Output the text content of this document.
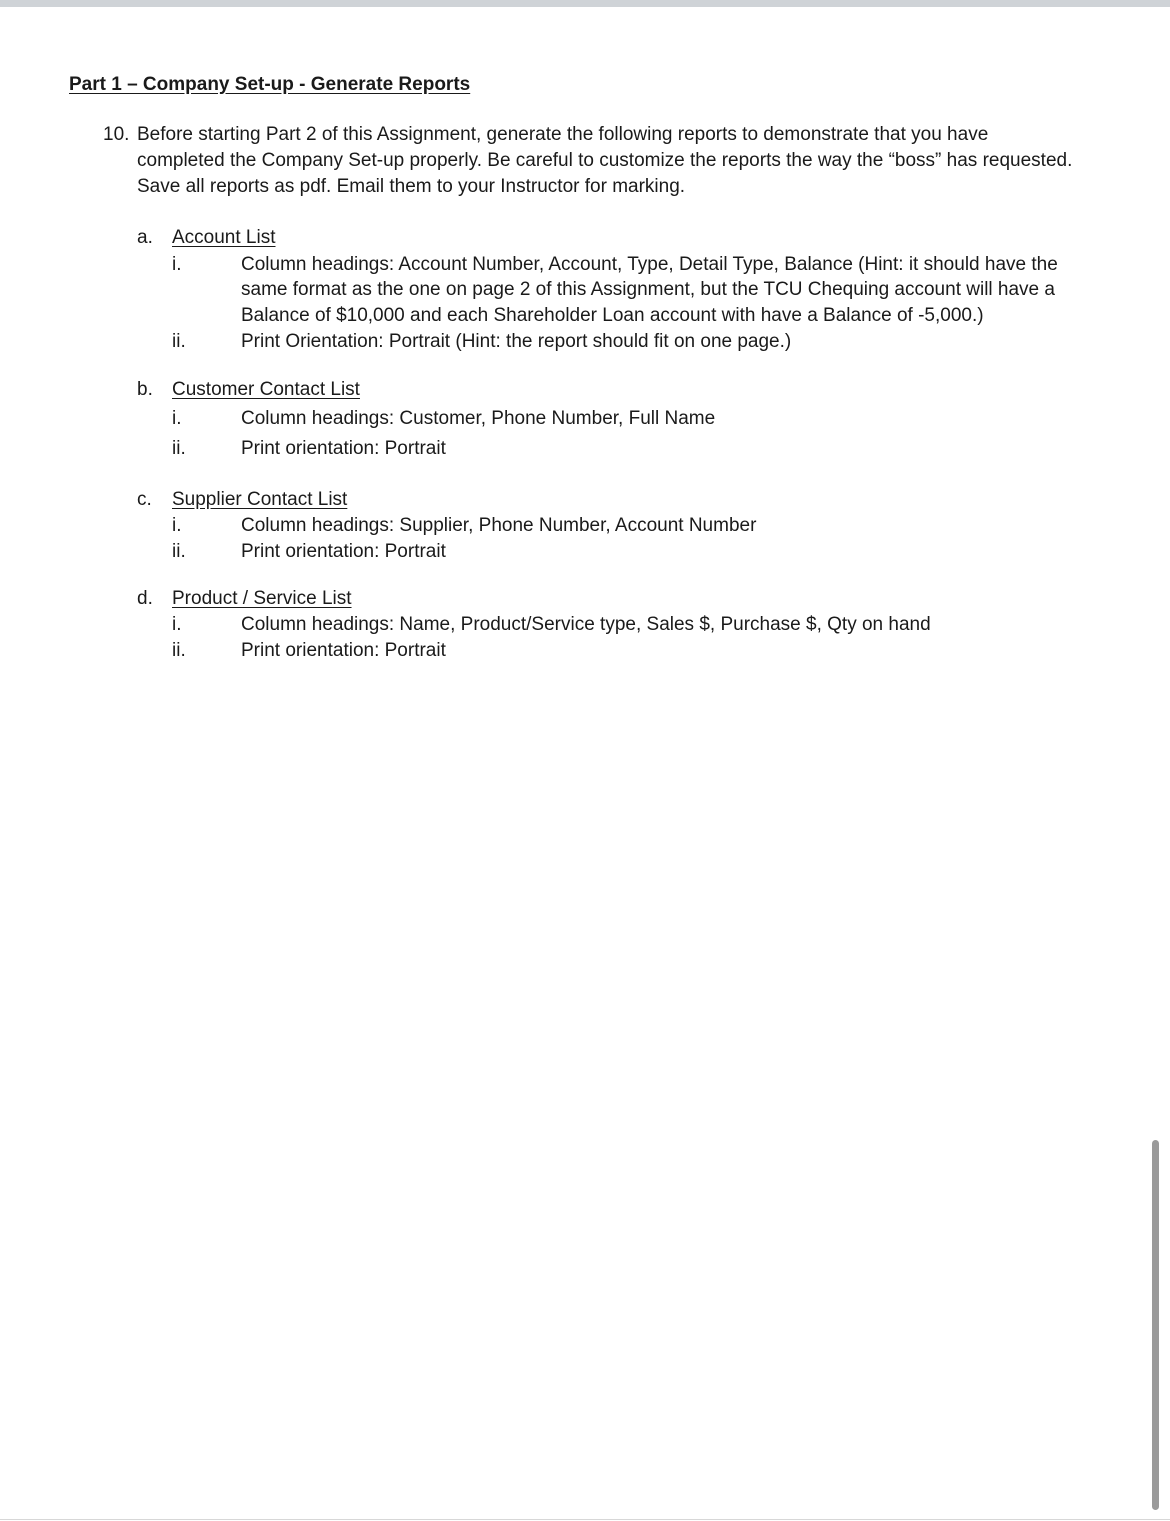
Part 1 – Company Set-up - Generate Reports
10. Before starting Part 2 of this Assignment, generate the following reports to demonstrate that you have
completed the Company Set-up properly. Be careful to customize the reports the way the “boss” has requested.
Save all reports as pdf. Email them to your Instructor for marking.
a. Account List
i.	Column headings: Account Number, Account, Type, Detail Type, Balance (Hint: it should have the
same format as the one on page 2 of this Assignment, but the TCU Chequing account will have a
Balance of $10,000 and each Shareholder Loan account with have a Balance of -5,000.)
ii.	Print Orientation: Portrait (Hint: the report should fit on one page.)
b. Customer Contact List
i.	Column headings: Customer, Phone Number, Full Name
ii.	Print orientation: Portrait
c. Supplier Contact List
i.	Column headings: Supplier, Phone Number, Account Number
ii.	Print orientation: Portrait
d. Product / Service List
i.	Column headings: Name, Product/Service type, Sales $, Purchase $, Qty on hand
ii.	Print orientation: Portrait
